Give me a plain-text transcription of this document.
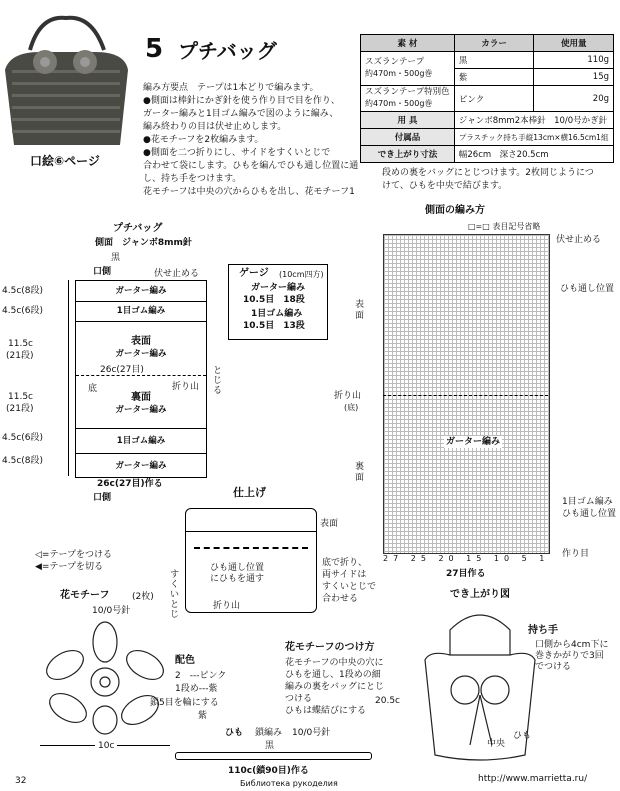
口絵⑥ページ
5 プチバッグ	素 材	カラー	使用量
スズランテープ
約470m・500g巻	黒	110g
	紫	15g
スズランテープ特別色
約470m・500g巻	ピンク	20g
用 具	ジャンボ8mm2本棒針　10/0号かぎ針	
付属品	プラスチック持ち手縦13cm×横16.5cm1組	
でき上がり寸法	幅26cm　深さ20.5cm	
編み方要点　テープは1本どりで編みます。
●側面は棒針にかぎ針を使う作り目で目を作り、
ガーター編みと1目ゴム編みで図のように編み、
編み終わりの目は伏せ止めします。
●花モチーフを2枚編みます。
●側面を二つ折りにし、サイドをすくいとじで
合わせて袋にします。ひもを編んでひも通し位置に通
し、持ち手をつけます。
花モチーフは中央の穴からひもを出し、花モチーフ1
段めの裏をバッグにとじつけます。2枚同じようにつ
けて、ひもを中央で結びます。
プチバッグ
側面　ジャンボ8mm針
黒
口側	伏せ止める
ガーター編み
1目ゴム編み
表面
ガーター編み
裏面
ガーター編み
1目ゴム編み
ガーター編み
4.5c(8段)
4.5c(6段)
11.5c
(21段)
11.5c
(21段)
4.5c(6段)
4.5c(8段)
26c(27目)
底	折り山
とじる
26c(27目)作る
口側
ゲージ (10cm四方)
ガーター編み
10.5目　18段
1目ゴム編み
10.5目　13段
側面の編み方
□=□ 表目記号省略
ガーター編み
伏せ止める
ひも通し位置
表面
折り山
(底)
裏面
1目ゴム編み
ひも通し位置
作り目
27 25 20 15 10 5 1
27目作る
仕上げ
表面
ひも通し位置
にひもを通す
すくいとじ
折り山
底で折り、
両サイドは
すくいとじで
合わせる
◁=テープをつける
◀=テープを切る
花モチーフ	(2枚)
10/0号針
配色
2　---ピンク
1段め---紫
鎖5目を輪にする
紫
10c
花モチーフのつけ方
花モチーフの中央の穴に
ひもを通し、1段めの細
編みの裏をバッグにとじ
つける
ひもは蝶結びにする
でき上がり図
持ち手
口側から4cm下に
巻きかがりで3回
でつける
20.5c
ひも
中央
ひも 鎖編み 10/0号針
黒
110c(鎖90目)作る
32	Библиотека рукоделия	http://www.marrietta.ru/
